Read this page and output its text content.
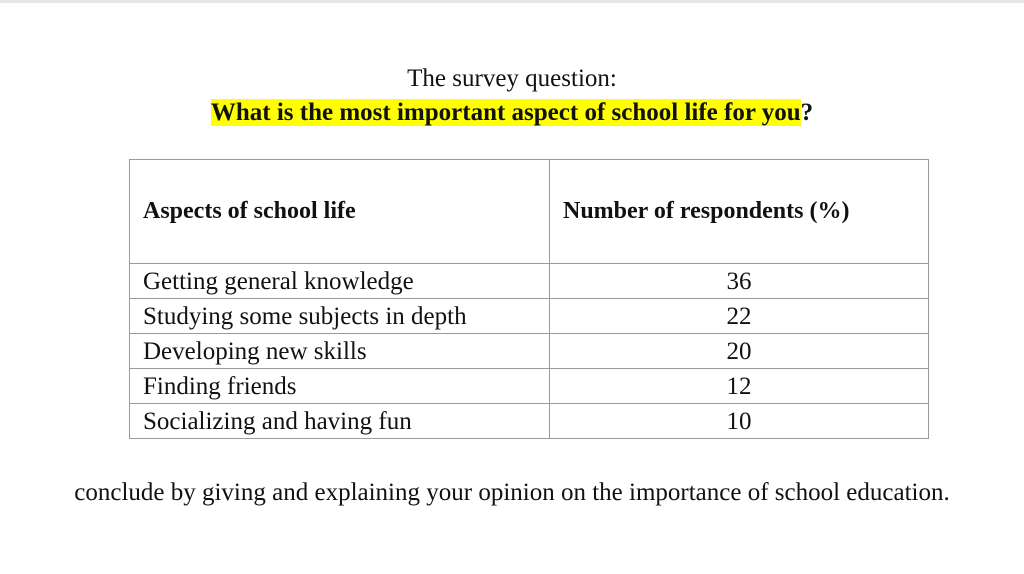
The survey question:
What is the most important aspect of school life for you?
Aspects of school life	Number of respondents (%)
Getting general knowledge	36
Studying some subjects in depth	22
Developing new skills	20
Finding friends	12
Socializing and having fun	10
conclude by giving and explaining your opinion on the importance of school education.
